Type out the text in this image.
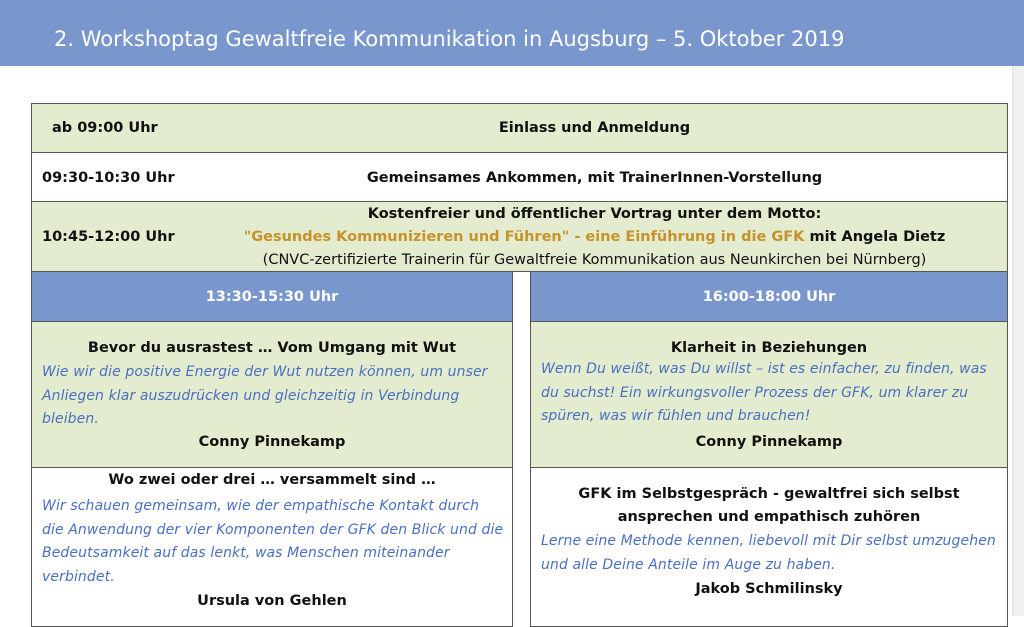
2. Workshoptag Gewaltfreie Kommunikation in Augsburg – 5. Oktober 2019
ab 09:00 Uhr	Einlass und Anmeldung
09:30-10:30 Uhr	Gemeinsames Ankommen, mit TrainerInnen-Vorstellung
10:45-12:00 Uhr
Kostenfreier und öffentlicher Vortrag unter dem Motto:
"Gesundes Kommunizieren und Führen" - eine Einführung in die GFK mit Angela Dietz
(CNVC-zertifizierte Trainerin für Gewaltfreie Kommunikation aus Neunkirchen bei Nürnberg)
13:30-15:30 Uhr	16:00-18:00 Uhr
Bevor du ausrastest … Vom Umgang mit Wut
Wie wir die positive Energie der Wut nutzen können, um unser Anliegen klar auszudrücken und gleichzeitig in Verbindung bleiben.
Conny Pinnekamp
Wo zwei oder drei … versammelt sind …
Wir schauen gemeinsam, wie der empathische Kontakt durch die Anwendung der vier Komponenten der GFK den Blick und die Bedeutsamkeit auf das lenkt, was Menschen miteinander verbindet.
Ursula von Gehlen
Klarheit in Beziehungen
Wenn Du weißt, was Du willst – ist es einfacher, zu finden, was du suchst! Ein wirkungsvoller Prozess der GFK, um klarer zu spüren, was wir fühlen und brauchen!
Conny Pinnekamp
GFK im Selbstgespräch - gewaltfrei sich selbst
ansprechen und empathisch zuhören
Lerne eine Methode kennen, liebevoll mit Dir selbst umzugehen und alle Deine Anteile im Auge zu haben.
Jakob Schmilinsky
